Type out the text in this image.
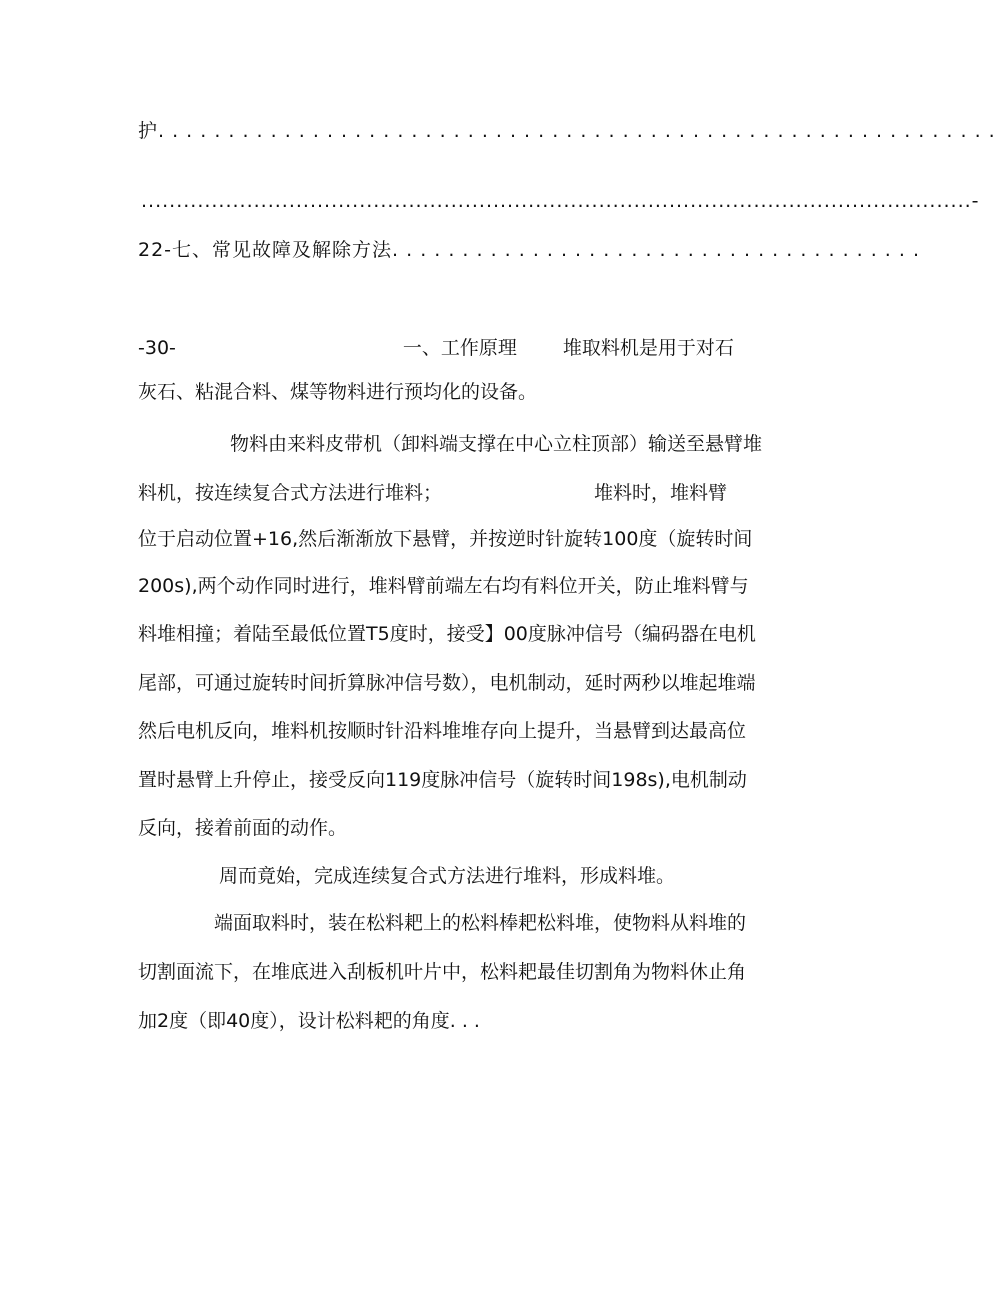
护. . . . . . . . . . . . . . . . . . . . . . . . . . . . . . . . . . . . . . . . . . . . . . . . . . . . . . . . . . . .
......................................................................................................................-
22-七、常见故障及解除方法. . . . . . . . . . . . . . . . . . . . . . . . . . . . . . . . . . . . . .
-30-	一、工作原理 堆取料机是用于对石
灰石、粘混合料、煤等物料进行预均化的设备。
物料由来料皮带机（卸料端支撑在中心立柱顶部）输送至悬臂堆
料机，按连续复合式方法进行堆料；	堆料时，堆料臂
位于启动位置+16,然后渐渐放下悬臂，并按逆时针旋转100度（旋转时间
200s),两个动作同时进行，堆料臂前端左右均有料位开关，防止堆料臂与
料堆相撞；着陆至最低位置T5度时，接受】00度脉冲信号（编码器在电机
尾部，可通过旋转时间折算脉冲信号数），电机制动，延时两秒以堆起堆端
然后电机反向，堆料机按顺时针沿料堆堆存向上提升，当悬臂到达最高位
置时悬臂上升停止，接受反向119度脉冲信号（旋转时间198s),电机制动
反向，接着前面的动作。
周而竟始，完成连续复合式方法进行堆料，形成料堆。
端面取料时，装在松料耙上的松料棒耙松料堆，使物料从料堆的
切割面流下，在堆底进入刮板机叶片中，松料耙最佳切割角为物料休止角
加2度（即40度），设计松料耙的角度. . .
